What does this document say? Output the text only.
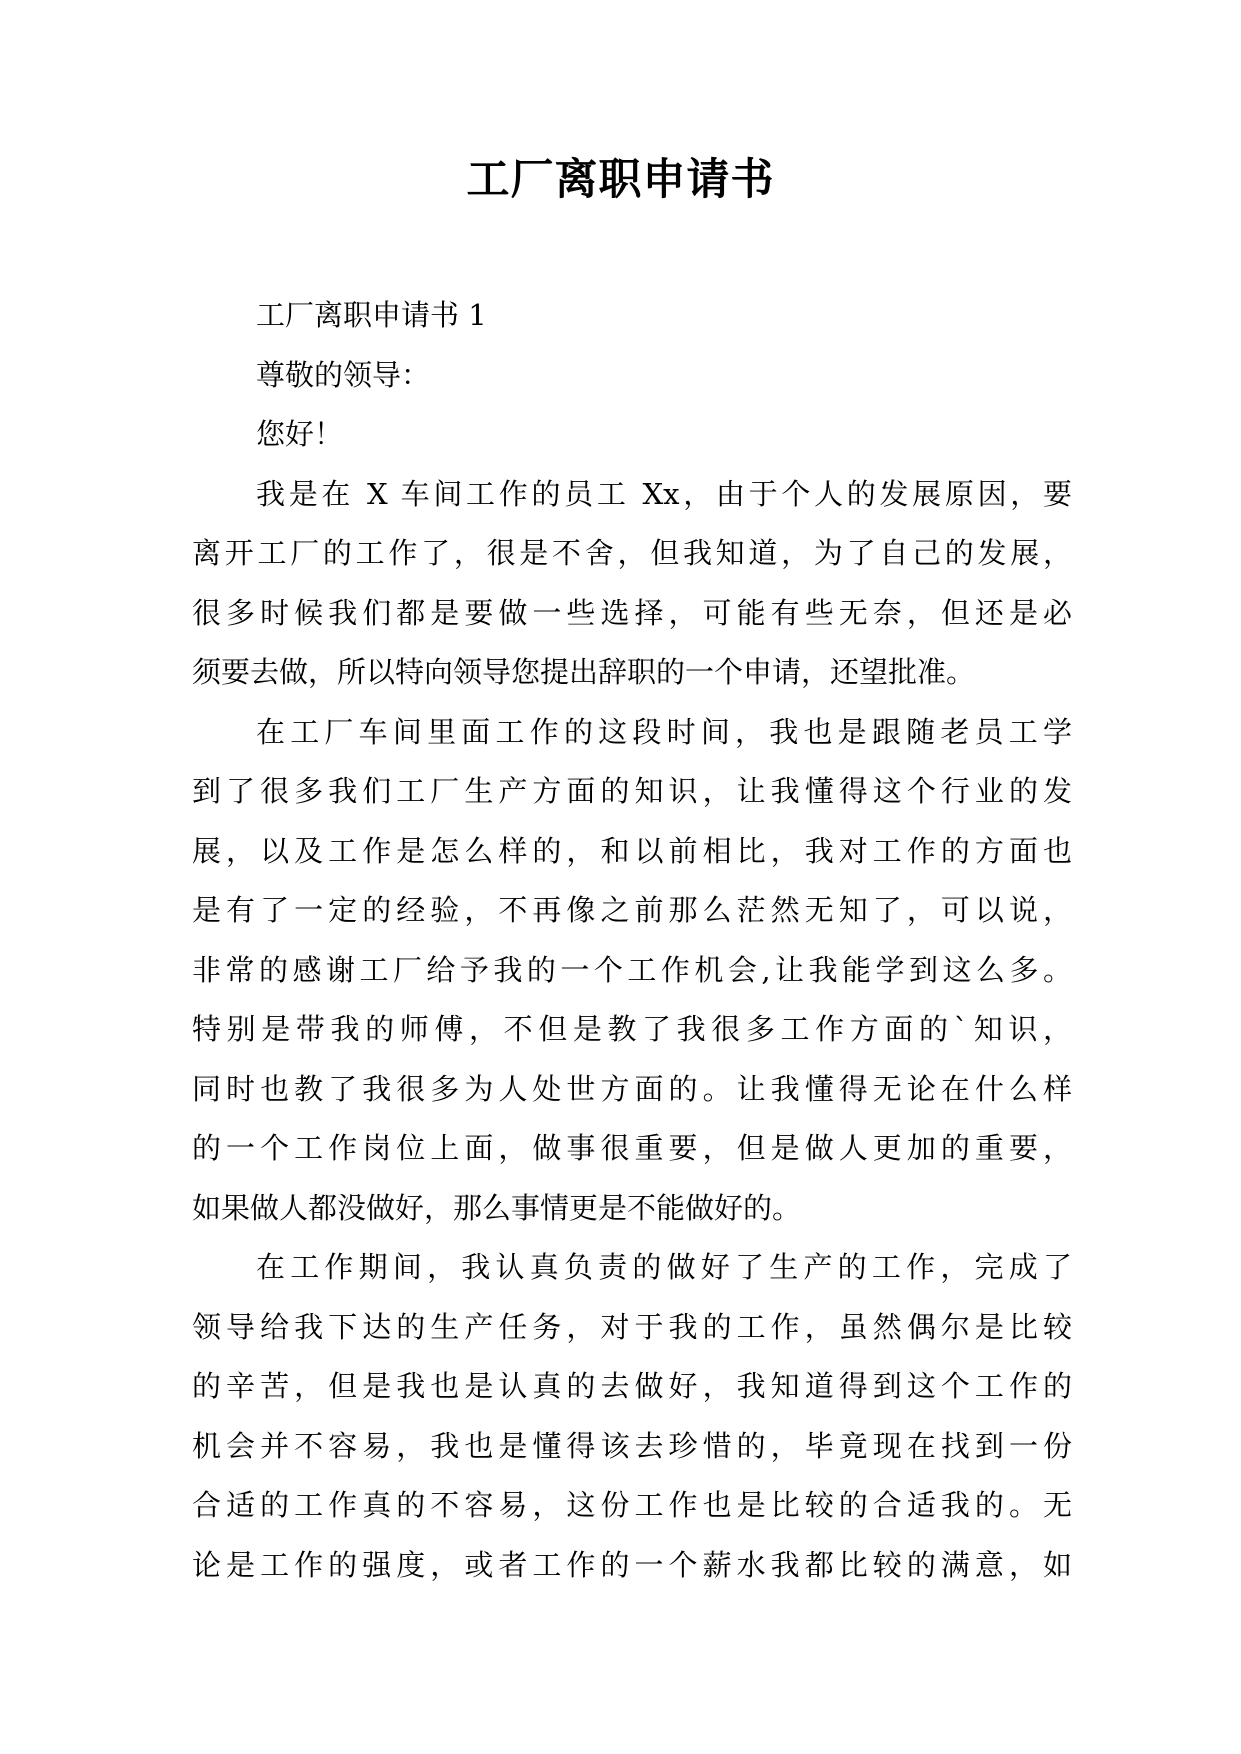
工厂离职申请书
工厂离职申请书 1
尊敬的领导：
您好！
我是在 X 车间工作的员工 Xx，由于个人的发展原因，要
离开工厂的工作了，很是不舍，但我知道，为了自己的发展，
很多时候我们都是要做一些选择，可能有些无奈，但还是必
须要去做，所以特向领导您提出辞职的一个申请，还望批准。
在工厂车间里面工作的这段时间，我也是跟随老员工学
到了很多我们工厂生产方面的知识，让我懂得这个行业的发
展，以及工作是怎么样的，和以前相比，我对工作的方面也
是有了一定的经验，不再像之前那么茫然无知了，可以说，
非常的感谢工厂给予我的一个工作机会,让我能学到这么多。
特别是带我的师傅，不但是教了我很多工作方面的`知识，
同时也教了我很多为人处世方面的。让我懂得无论在什么样
的一个工作岗位上面，做事很重要，但是做人更加的重要，
如果做人都没做好，那么事情更是不能做好的。
在工作期间，我认真负责的做好了生产的工作，完成了
领导给我下达的生产任务，对于我的工作，虽然偶尔是比较
的辛苦，但是我也是认真的去做好，我知道得到这个工作的
机会并不容易，我也是懂得该去珍惜的，毕竟现在找到一份
合适的工作真的不容易，这份工作也是比较的合适我的。无
论是工作的强度，或者工作的一个薪水我都比较的满意，如
